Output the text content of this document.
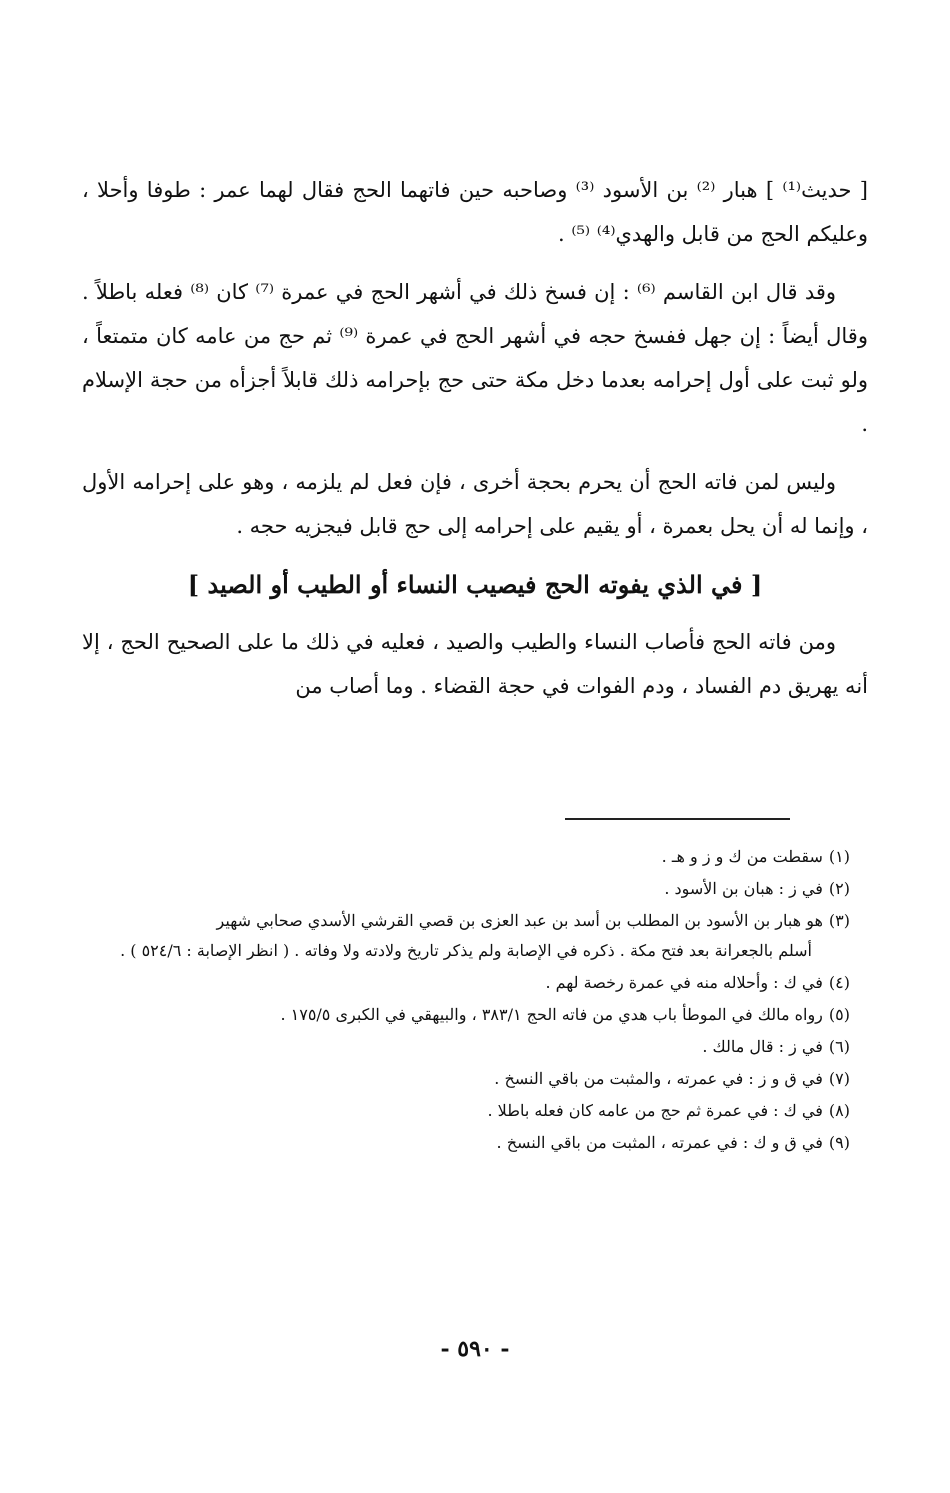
[ حديث⁽¹⁾ ] هبار ⁽²⁾ بن الأسود ⁽³⁾ وصاحبه حين فاتهما الحج فقال لهما عمر : طوفا وأحلا ، وعليكم الحج من قابل والهدي⁽⁴⁾ ⁽⁵⁾ .

وقد قال ابن القاسم ⁽⁶⁾ : إن فسخ ذلك في أشهر الحج في عمرة ⁽⁷⁾ كان ⁽⁸⁾ فعله باطلاً . وقال أيضاً : إن جهل ففسخ حجه في أشهر الحج في عمرة ⁽⁹⁾ ثم حج من عامه كان متمتعاً ، ولو ثبت على أول إحرامه بعدما دخل مكة حتى حج بإحرامه ذلك قابلاً أجزأه من حجة الإسلام .

وليس لمن فاته الحج أن يحرم بحجة أخرى ، فإن فعل لم يلزمه ، وهو على إحرامه الأول ، وإنما له أن يحل بعمرة ، أو يقيم على إحرامه إلى حج قابل فيجزيه حجه .

[ في الذي يفوته الحج فيصيب النساء أو الطيب أو الصيد ]

ومن فاته الحج فأصاب النساء والطيب والصيد ، فعليه في ذلك ما على الصحيح الحج ، إلا أنه يهريق دم الفساد ، ودم الفوات في حجة القضاء . وما أصاب من

(١)سقطت من ك و ز و هـ .
(٢)في ز : هبان بن الأسود .
(٣)هو هبار بن الأسود بن المطلب بن أسد بن عبد العزى بن قصي القرشي الأسدي صحابي شهير
أسلم بالجعرانة بعد فتح مكة . ذكره في الإصابة ولم يذكر تاريخ ولادته ولا وفاته . ( انظر الإصابة : ٥٢٤/٦ ) .
(٤)في ك : وأحلاله منه في عمرة رخصة لهم .
(٥)رواه مالك في الموطأ باب هدي من فاته الحج ٣٨٣/١ ، والبيهقي في الكبرى ١٧٥/٥ .
(٦)في ز : قال مالك .
(٧)في ق و ز : في عمرته ، والمثبت من باقي النسخ .
(٨)في ك : في عمرة ثم حج من عامه كان فعله باطلا .
(٩)في ق و ك : في عمرته ، المثبت من باقي النسخ .
- ٥٩٠ -
